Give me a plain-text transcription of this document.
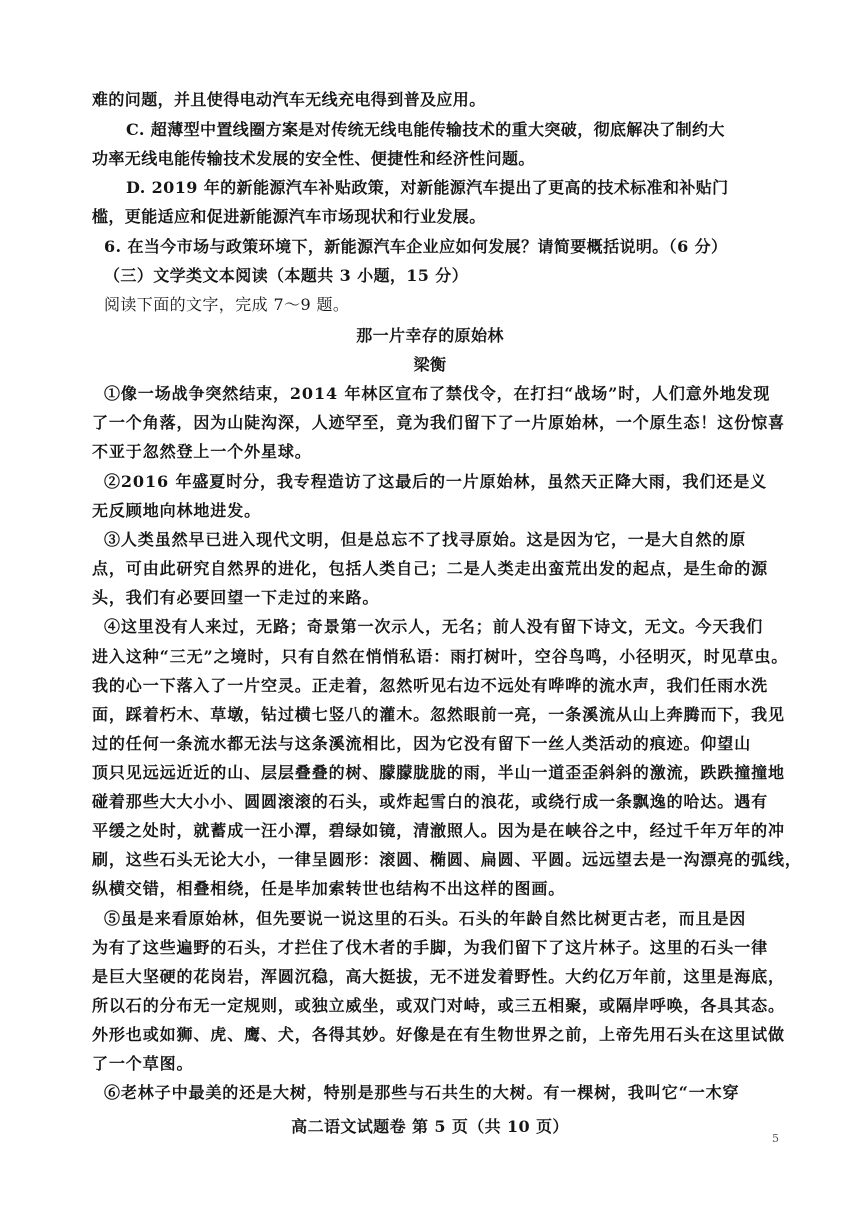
难的问题，并且使得电动汽车无线充电得到普及应用。
C. 超薄型中置线圈方案是对传统无线电能传输技术的重大突破，彻底解决了制约大
功率无线电能传输技术发展的安全性、便捷性和经济性问题。
D. 2019 年的新能源汽车补贴政策，对新能源汽车提出了更高的技术标准和补贴门
槛，更能适应和促进新能源汽车市场现状和行业发展。
6. 在当今市场与政策环境下，新能源汽车企业应如何发展？请简要概括说明。（6 分）
（三）文学类文本阅读（本题共 3 小题，15 分）
阅读下面的文字，完成 7～9 题。
那一片幸存的原始林
梁衡
①像一场战争突然结束，2014 年林区宣布了禁伐令，在打扫“战场”时，人们意外地发现
了一个角落，因为山陡沟深，人迹罕至，竟为我们留下了一片原始林，一个原生态！这份惊喜
不亚于忽然登上一个外星球。
②2016 年盛夏时分，我专程造访了这最后的一片原始林，虽然天正降大雨，我们还是义
无反顾地向林地进发。
③人类虽然早已进入现代文明，但是总忘不了找寻原始。这是因为它，一是大自然的原
点，可由此研究自然界的进化，包括人类自己；二是人类走出蛮荒出发的起点，是生命的源
头，我们有必要回望一下走过的来路。
④这里没有人来过，无路；奇景第一次示人，无名；前人没有留下诗文，无文。今天我们
进入这种“三无”之境时，只有自然在悄悄私语：雨打树叶，空谷鸟鸣，小径明灭，时见草虫。
我的心一下落入了一片空灵。正走着，忽然听见右边不远处有哗哗的流水声，我们任雨水洗
面，踩着朽木、草墩，钻过横七竖八的灌木。忽然眼前一亮，一条溪流从山上奔腾而下，我见
过的任何一条流水都无法与这条溪流相比，因为它没有留下一丝人类活动的痕迹。仰望山
顶只见远远近近的山、层层叠叠的树、朦朦胧胧的雨，半山一道歪歪斜斜的激流，跌跌撞撞地
碰着那些大大小小、圆圆滚滚的石头，或炸起雪白的浪花，或绕行成一条飘逸的哈达。遇有
平缓之处时，就蓄成一汪小潭，碧绿如镜，清澈照人。因为是在峡谷之中，经过千年万年的冲
刷，这些石头无论大小，一律呈圆形：滚圆、椭圆、扁圆、平圆。远远望去是一沟漂亮的弧线，
纵横交错，相叠相绕，任是毕加索转世也结构不出这样的图画。
⑤虽是来看原始林，但先要说一说这里的石头。石头的年龄自然比树更古老，而且是因
为有了这些遍野的石头，才拦住了伐木者的手脚，为我们留下了这片林子。这里的石头一律
是巨大坚硬的花岗岩，浑圆沉稳，高大挺拔，无不迸发着野性。大约亿万年前，这里是海底，
所以石的分布无一定规则，或独立威坐，或双门对峙，或三五相聚，或隔岸呼唤，各具其态。
外形也或如狮、虎、鹰、犬，各得其妙。好像是在有生物世界之前，上帝先用石头在这里试做
了一个草图。
⑥老林子中最美的还是大树，特别是那些与石共生的大树。有一棵树，我叫它“一木穿
高二语文试题卷 第 5 页（共 10 页）
5
